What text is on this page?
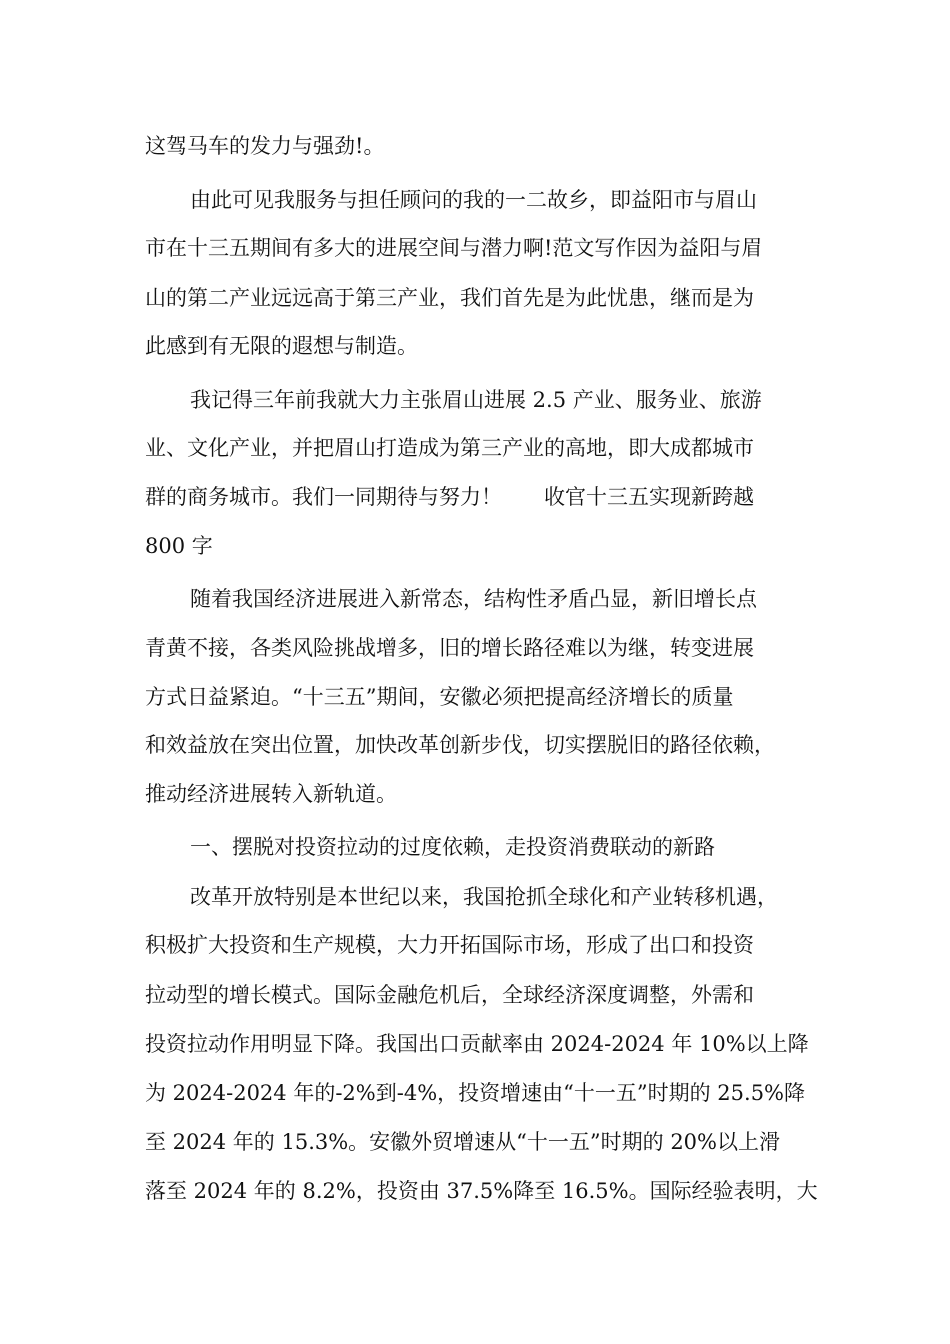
这驾马车的发力与强劲!。
由此可见我服务与担任顾问的我的一二故乡，即益阳市与眉山
市在十三五期间有多大的进展空间与潜力啊!范文写作因为益阳与眉
山的第二产业远远高于第三产业，我们首先是为此忧患，继而是为
此感到有无限的遐想与制造。
我记得三年前我就大力主张眉山进展 2.5 产业、服务业、旅游
业、文化产业，并把眉山打造成为第三产业的高地，即大成都城市
群的商务城市。我们一同期待与努力！　　收官十三五实现新跨越
800 字
随着我国经济进展进入新常态，结构性矛盾凸显，新旧增长点
青黄不接，各类风险挑战增多，旧的增长路径难以为继，转变进展
方式日益紧迫。“十三五”期间，安徽必须把提高经济增长的质量
和效益放在突出位置，加快改革创新步伐，切实摆脱旧的路径依赖，
推动经济进展转入新轨道。
一、摆脱对投资拉动的过度依赖，走投资消费联动的新路
改革开放特别是本世纪以来，我国抢抓全球化和产业转移机遇，
积极扩大投资和生产规模，大力开拓国际市场，形成了出口和投资
拉动型的增长模式。国际金融危机后，全球经济深度调整，外需和
投资拉动作用明显下降。我国出口贡献率由 2024-2024 年 10%以上降
为 2024-2024 年的-2%到-4%，投资增速由“十一五”时期的 25.5%降
至 2024 年的 15.3%。安徽外贸增速从“十一五”时期的 20%以上滑
落至 2024 年的 8.2%，投资由 37.5%降至 16.5%。国际经验表明，大
